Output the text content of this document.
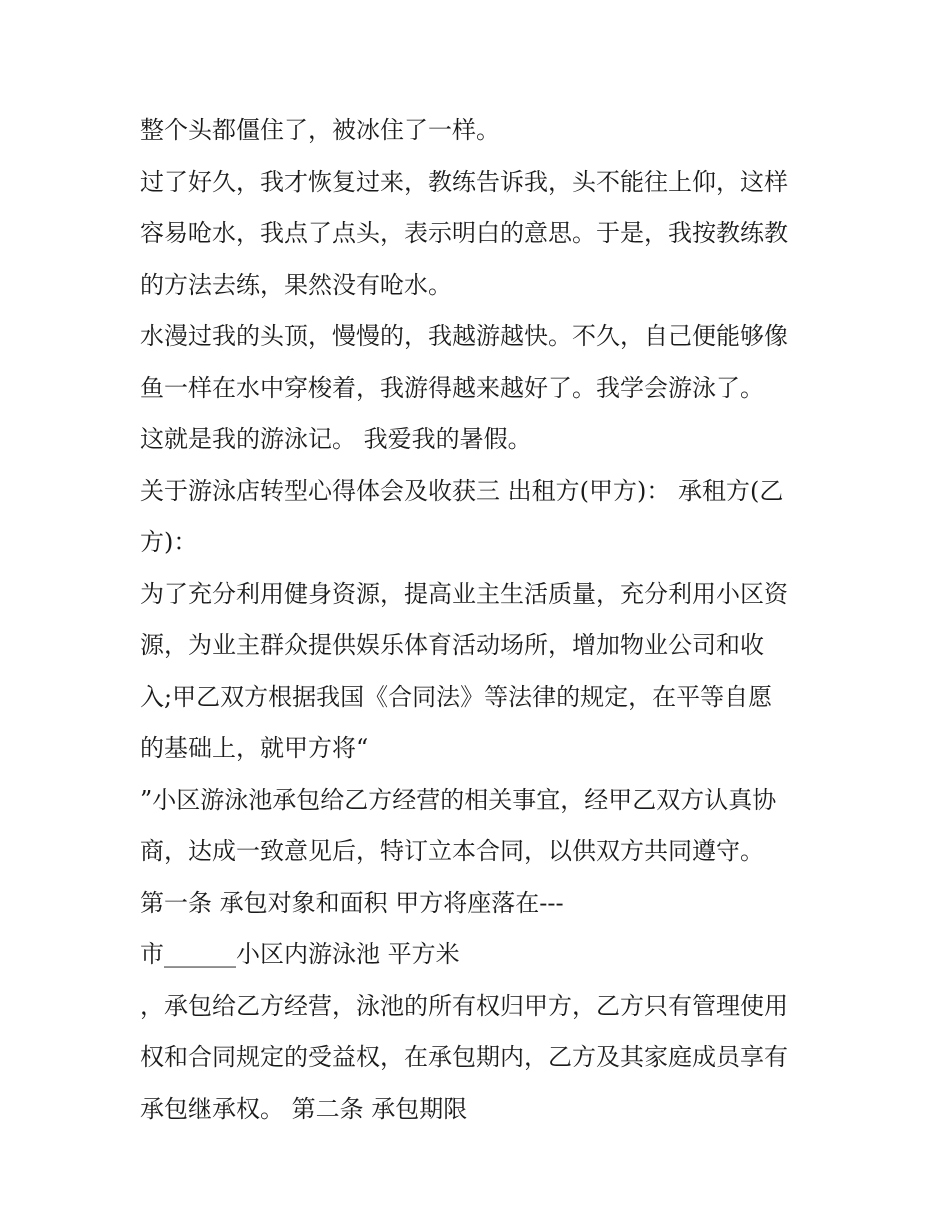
整个头都僵住了，被冰住了一样。
过了好久，我才恢复过来，教练告诉我，头不能往上仰，这样
容易呛水，我点了点头，表示明白的意思。于是，我按教练教
的方法去练，果然没有呛水。
水漫过我的头顶，慢慢的，我越游越快。不久，自己便能够像
鱼一样在水中穿梭着，我游得越来越好了。我学会游泳了。
这就是我的游泳记。 我爱我的暑假。
关于游泳店转型心得体会及收获三 出租方(甲方)： 承租方(乙
方)：
为了充分利用健身资源，提高业主生活质量，充分利用小区资
源，为业主群众提供娱乐体育活动场所，增加物业公司和收
入;甲乙双方根据我国《合同法》等法律的规定，在平等自愿
的基础上，就甲方将“
”小区游泳池承包给乙方经营的相关事宜，经甲乙双方认真协
商，达成一致意见后，特订立本合同，以供双方共同遵守。
第一条 承包对象和面积 甲方将座落在---
市______小区内游泳池 平方米
，承包给乙方经营，泳池的所有权归甲方，乙方只有管理使用
权和合同规定的受益权，在承包期内，乙方及其家庭成员享有
承包继承权。 第二条 承包期限
